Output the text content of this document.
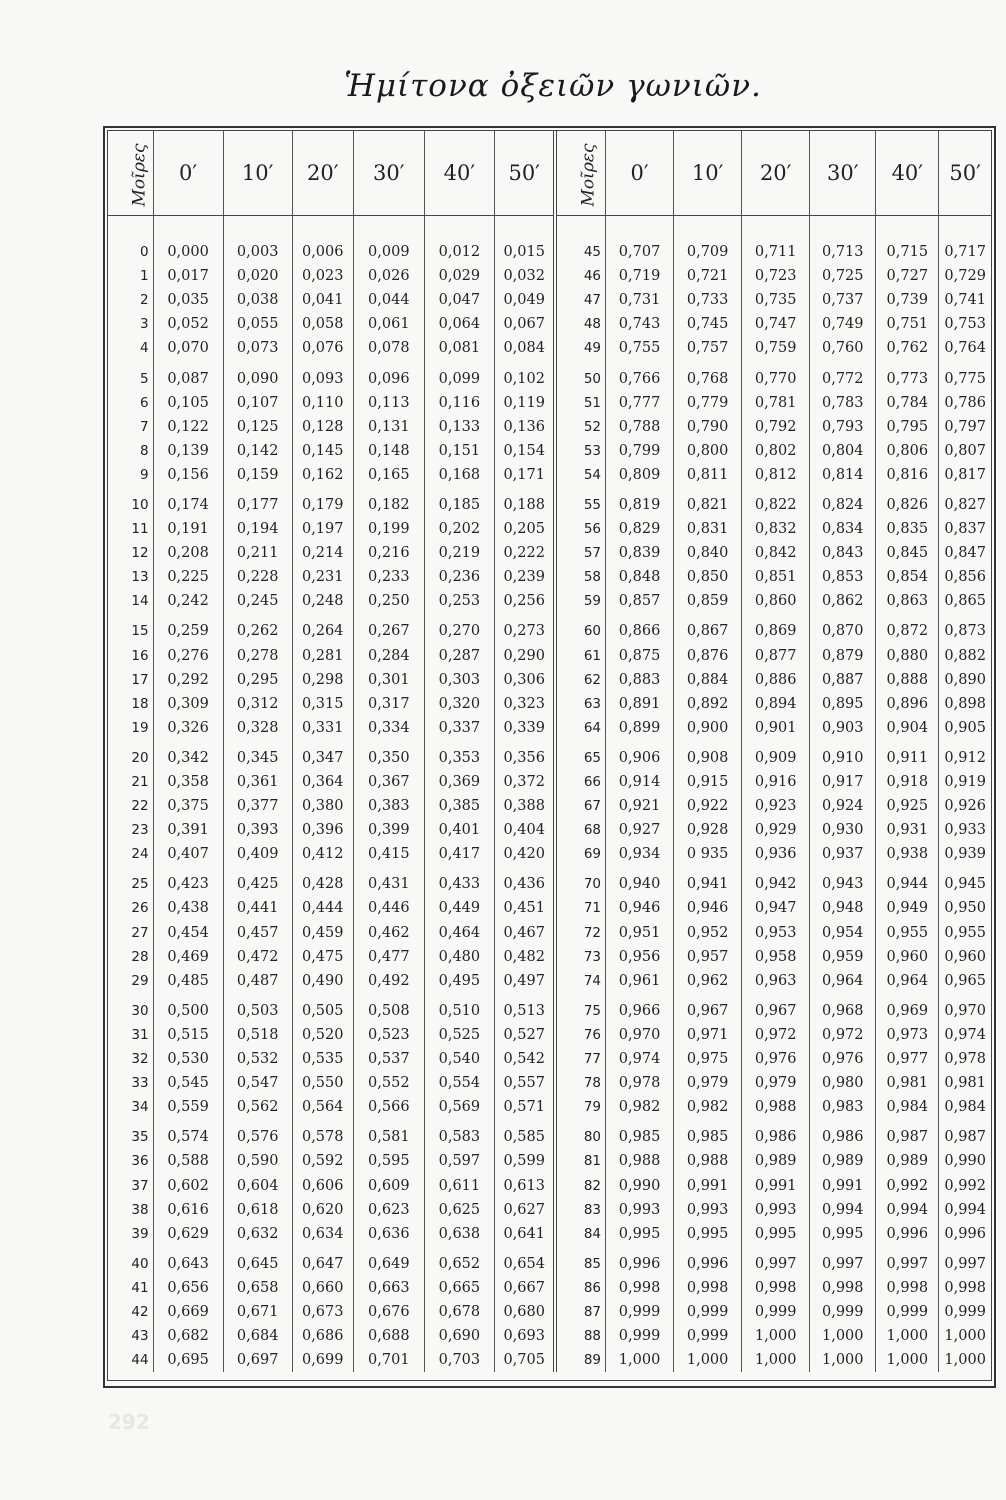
Ἡμίτονα ὀξειῶν γωνιῶν.
Μοῖρες	0′	10′	20′	30′	40′	50′	Μοῖρες	0′	10′	20′	30′	40′	50′

0	0,000	0,003	0,006	0,009	0,012	0,015	45	0,707	0,709	0,711	0,713	0,715	0,717
1	0,017	0,020	0,023	0,026	0,029	0,032	46	0,719	0,721	0,723	0,725	0,727	0,729
2	0,035	0,038	0,041	0,044	0,047	0,049	47	0,731	0,733	0,735	0,737	0,739	0,741
3	0,052	0,055	0,058	0,061	0,064	0,067	48	0,743	0,745	0,747	0,749	0,751	0,753
4	0,070	0,073	0,076	0,078	0,081	0,084	49	0,755	0,757	0,759	0,760	0,762	0,764
5	0,087	0,090	0,093	0,096	0,099	0,102	50	0,766	0,768	0,770	0,772	0,773	0,775
6	0,105	0,107	0,110	0,113	0,116	0,119	51	0,777	0,779	0,781	0,783	0,784	0,786
7	0,122	0,125	0,128	0,131	0,133	0,136	52	0,788	0,790	0,792	0,793	0,795	0,797
8	0,139	0,142	0,145	0,148	0,151	0,154	53	0,799	0,800	0,802	0,804	0,806	0,807
9	0,156	0,159	0,162	0,165	0,168	0,171	54	0,809	0,811	0,812	0,814	0,816	0,817
10	0,174	0,177	0,179	0,182	0,185	0,188	55	0,819	0,821	0,822	0,824	0,826	0,827
11	0,191	0,194	0,197	0,199	0,202	0,205	56	0,829	0,831	0,832	0,834	0,835	0,837
12	0,208	0,211	0,214	0,216	0,219	0,222	57	0,839	0,840	0,842	0,843	0,845	0,847
13	0,225	0,228	0,231	0,233	0,236	0,239	58	0,848	0,850	0,851	0,853	0,854	0,856
14	0,242	0,245	0,248	0,250	0,253	0,256	59	0,857	0,859	0,860	0,862	0,863	0,865
15	0,259	0,262	0,264	0,267	0,270	0,273	60	0,866	0,867	0,869	0,870	0,872	0,873
16	0,276	0,278	0,281	0,284	0,287	0,290	61	0,875	0,876	0,877	0,879	0,880	0,882
17	0,292	0,295	0,298	0,301	0,303	0,306	62	0,883	0,884	0,886	0,887	0,888	0,890
18	0,309	0,312	0,315	0,317	0,320	0,323	63	0,891	0,892	0,894	0,895	0,896	0,898
19	0,326	0,328	0,331	0,334	0,337	0,339	64	0,899	0,900	0,901	0,903	0,904	0,905
20	0,342	0,345	0,347	0,350	0,353	0,356	65	0,906	0,908	0,909	0,910	0,911	0,912
21	0,358	0,361	0,364	0,367	0,369	0,372	66	0,914	0,915	0,916	0,917	0,918	0,919
22	0,375	0,377	0,380	0,383	0,385	0,388	67	0,921	0,922	0,923	0,924	0,925	0,926
23	0,391	0,393	0,396	0,399	0,401	0,404	68	0,927	0,928	0,929	0,930	0,931	0,933
24	0,407	0,409	0,412	0,415	0,417	0,420	69	0,934	0 935	0,936	0,937	0,938	0,939
25	0,423	0,425	0,428	0,431	0,433	0,436	70	0,940	0,941	0,942	0,943	0,944	0,945
26	0,438	0,441	0,444	0,446	0,449	0,451	71	0,946	0,946	0,947	0,948	0,949	0,950
27	0,454	0,457	0,459	0,462	0,464	0,467	72	0,951	0,952	0,953	0,954	0,955	0,955
28	0,469	0,472	0,475	0,477	0,480	0,482	73	0,956	0,957	0,958	0,959	0,960	0,960
29	0,485	0,487	0,490	0,492	0,495	0,497	74	0,961	0,962	0,963	0,964	0,964	0,965
30	0,500	0,503	0,505	0,508	0,510	0,513	75	0,966	0,967	0,967	0,968	0,969	0,970
31	0,515	0,518	0,520	0,523	0,525	0,527	76	0,970	0,971	0,972	0,972	0,973	0,974
32	0,530	0,532	0,535	0,537	0,540	0,542	77	0,974	0,975	0,976	0,976	0,977	0,978
33	0,545	0,547	0,550	0,552	0,554	0,557	78	0,978	0,979	0,979	0,980	0,981	0,981
34	0,559	0,562	0,564	0,566	0,569	0,571	79	0,982	0,982	0,988	0,983	0,984	0,984
35	0,574	0,576	0,578	0,581	0,583	0,585	80	0,985	0,985	0,986	0,986	0,987	0,987
36	0,588	0,590	0,592	0,595	0,597	0,599	81	0,988	0,988	0,989	0,989	0,989	0,990
37	0,602	0,604	0,606	0,609	0,611	0,613	82	0,990	0,991	0,991	0,991	0,992	0,992
38	0,616	0,618	0,620	0,623	0,625	0,627	83	0,993	0,993	0,993	0,994	0,994	0,994
39	0,629	0,632	0,634	0,636	0,638	0,641	84	0,995	0,995	0,995	0,995	0,996	0,996
40	0,643	0,645	0,647	0,649	0,652	0,654	85	0,996	0,996	0,997	0,997	0,997	0,997
41	0,656	0,658	0,660	0,663	0,665	0,667	86	0,998	0,998	0,998	0,998	0,998	0,998
42	0,669	0,671	0,673	0,676	0,678	0,680	87	0,999	0,999	0,999	0,999	0,999	0,999
43	0,682	0,684	0,686	0,688	0,690	0,693	88	0,999	0,999	1,000	1,000	1,000	1,000
44	0,695	0,697	0,699	0,701	0,703	0,705	89	1,000	1,000	1,000	1,000	1,000	1,000
292
